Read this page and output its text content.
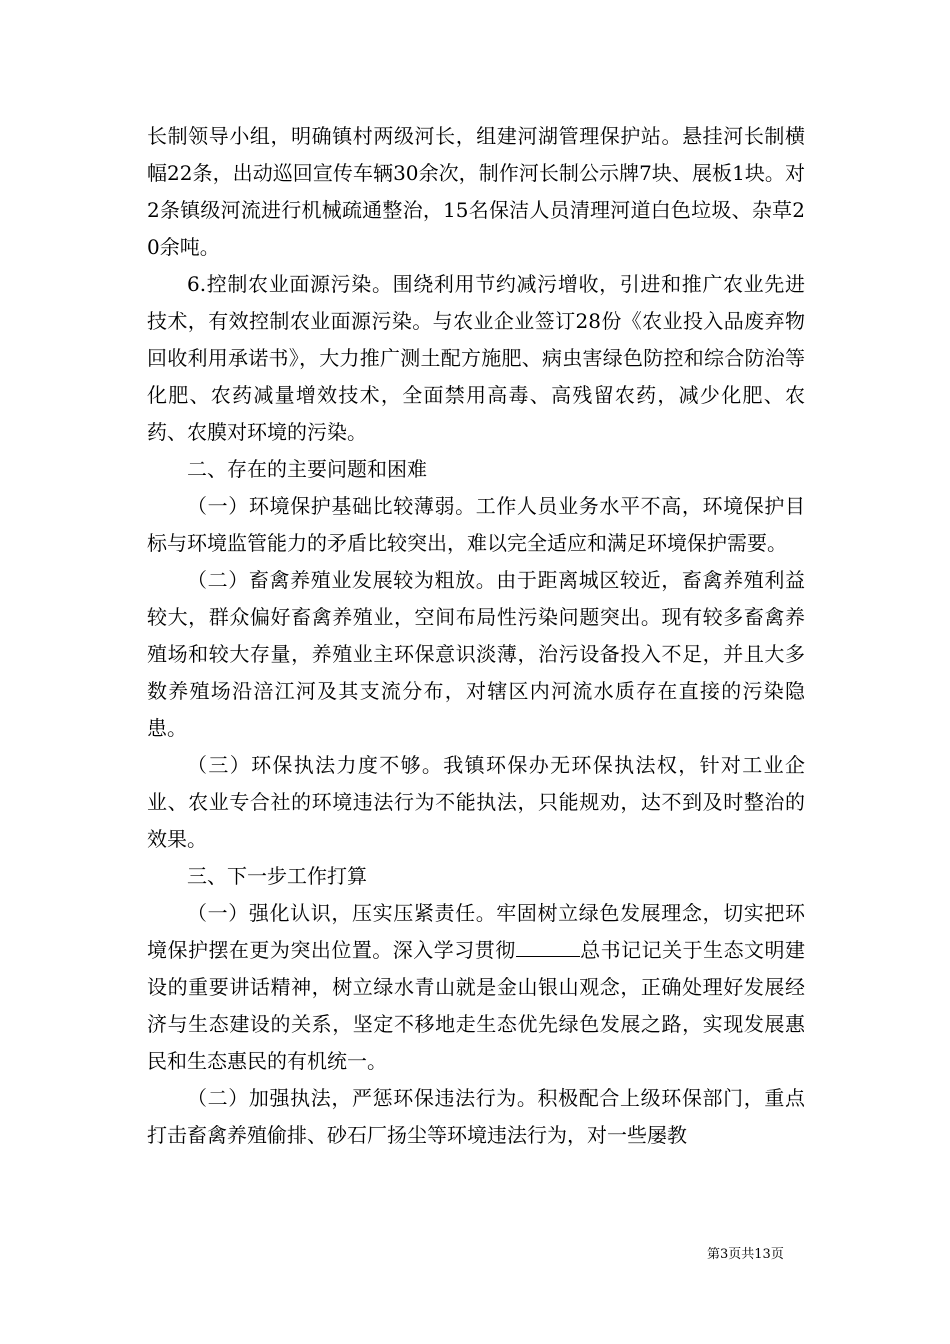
长制领导小组，明确镇村两级河长，组建河湖管理保护站。悬挂河长制横幅22条，出动巡回宣传车辆30余次，制作河长制公示牌7块、展板1块。对2条镇级河流进行机械疏通整治，15名保洁人员清理河道白色垃圾、杂草20余吨。

6.控制农业面源污染。围绕利用节约减污增收，引进和推广农业先进技术，有效控制农业面源污染。与农业企业签订28份《农业投入品废弃物回收利用承诺书》，大力推广测土配方施肥、病虫害绿色防控和综合防治等化肥、农药减量增效技术，全面禁用高毒、高残留农药，减少化肥、农药、农膜对环境的污染。

二、存在的主要问题和困难

（一）环境保护基础比较薄弱。工作人员业务水平不高，环境保护目标与环境监管能力的矛盾比较突出，难以完全适应和满足环境保护需要。

（二）畜禽养殖业发展较为粗放。由于距离城区较近，畜禽养殖利益较大，群众偏好畜禽养殖业，空间布局性污染问题突出。现有较多畜禽养殖场和较大存量，养殖业主环保意识淡薄，治污设备投入不足，并且大多数养殖场沿涪江河及其支流分布，对辖区内河流水质存在直接的污染隐患。

（三）环保执法力度不够。我镇环保办无环保执法权，针对工业企业、农业专合社的环境违法行为不能执法，只能规劝，达不到及时整治的效果。

三、下一步工作打算

（一）强化认识，压实压紧责任。牢固树立绿色发展理念，切实把环境保护摆在更为突出位置。深入学习贯彻	总书记记关于生态文明建设的重要讲话精神，树立绿水青山就是金山银山观念，正确处理好发展经济与生态建设的关系，坚定不移地走生态优先绿色发展之路，实现发展惠民和生态惠民的有机统一。

（二）加强执法，严惩环保违法行为。积极配合上级环保部门，重点打击畜禽养殖偷排、砂石厂扬尘等环境违法行为，对一些屡教

第3页共13页
